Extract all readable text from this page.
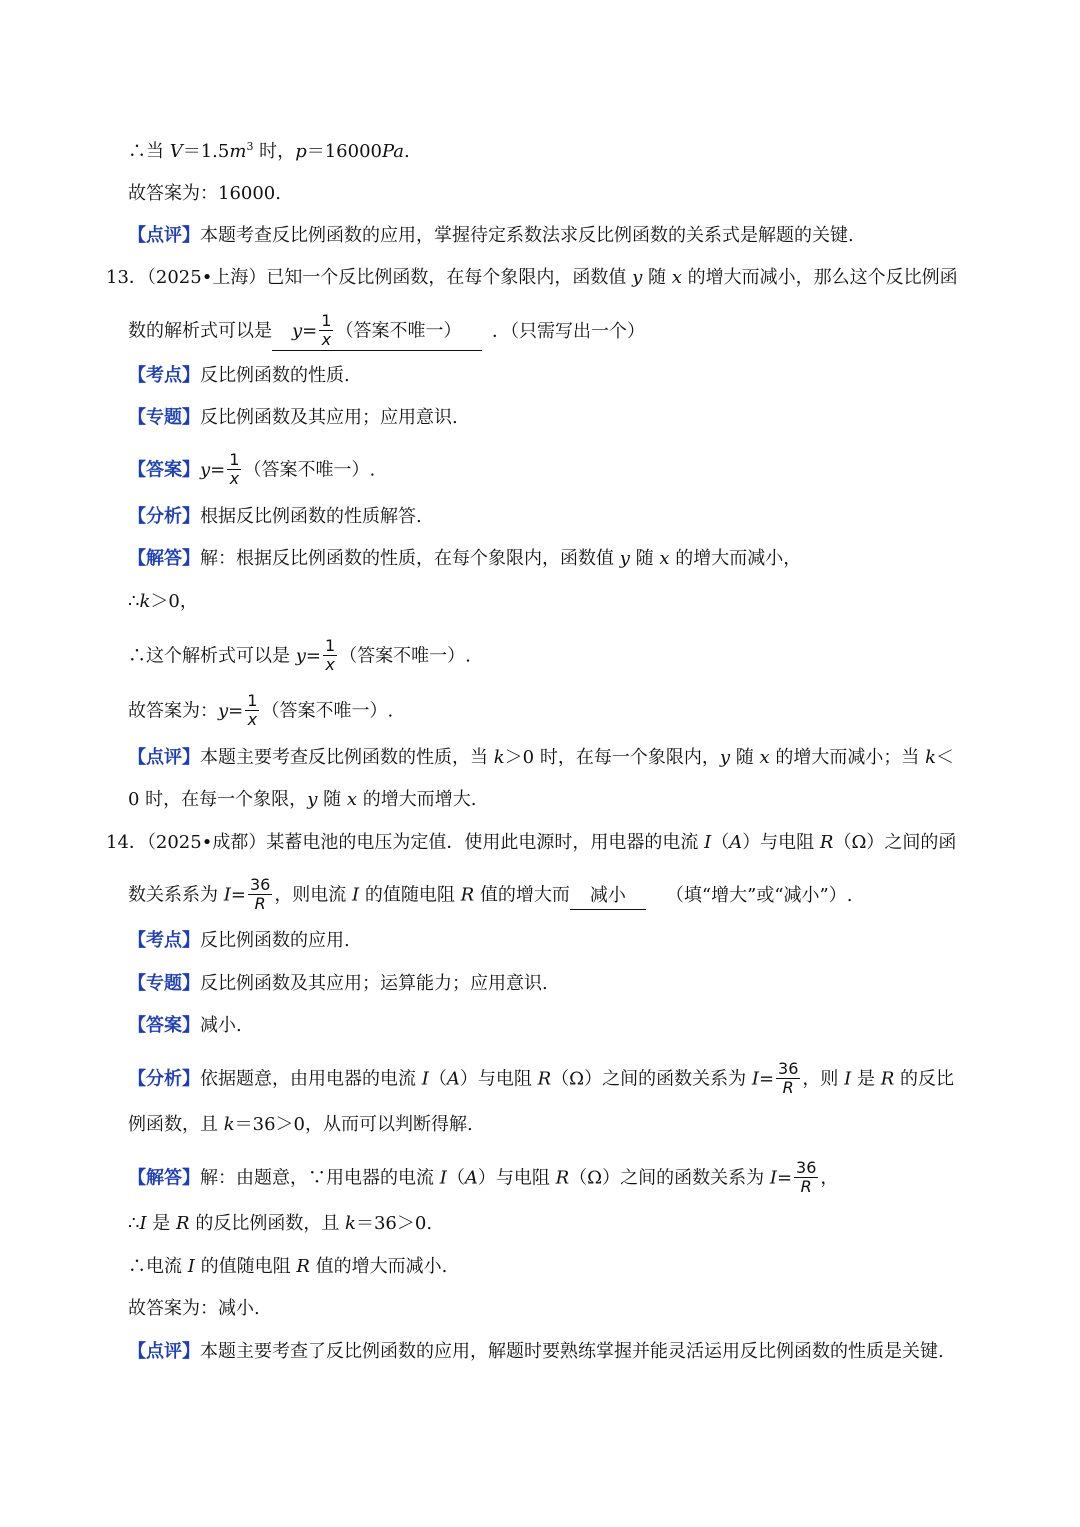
∴当 $V=1.5m^3$ 时，p＝16000Pa.
故答案为：16000.
【点评】本题考查反比例函数的应用，掌握待定系数法求反比例函数的关系式是解题的关键.
13．（2025•上海）已知一个反比例函数，在每个象限内，函数值 y 随 x 的增大而减小，那么这个反比例函
数的解析式可以是 $y= \frac{1}{x}$ （答案不唯一） ．（只需写出一个）
【考点】反比例函数的性质.
【专题】反比例函数及其应用；应用意识.
【答案】$y= \frac{1}{x}$ （答案不唯一）.
【分析】根据反比例函数的性质解答.
【解答】解：根据反比例函数的性质，在每个象限内，函数值 y 随 x 的增大而减小，
∴k＞0，
∴这个解析式可以是 $y= \frac{1}{x}$ （答案不唯一）.
故答案为：$y= \frac{1}{x}$ （答案不唯一）.
【点评】本题主要考查反比例函数的性质，当 k＞0 时，在每一个象限内，y 随 x 的增大而减小；当 k＜
0 时，在每一个象限，y 随 x 的增大而增大.
14．（2025•成都）某蓄电池的电压为定值．使用此电源时，用电器的电流 I（A）与电阻 R（Ω）之间的函
数关系系为 $I= \frac{36}{R}$ ，则电流 I 的值随电阻 R 值的增大而 减小 （填“增大”或“减小”）.
【考点】反比例函数的应用.
【专题】反比例函数及其应用；运算能力；应用意识.
【答案】减小.
【分析】依据题意，由用电器的电流 I（A）与电阻 R（Ω）之间的函数关系为 $I= \frac{36}{R}$ ，则 I 是 R 的反比
例函数，且 k＝36＞0，从而可以判断得解.
【解答】解：由题意，∵用电器的电流 I（A）与电阻 R（Ω）之间的函数关系为 $I= \frac{36}{R}$ ，
∴I 是 R 的反比例函数，且 k＝36＞0.
∴电流 I 的值随电阻 R 值的增大而减小.
故答案为：减小.
【点评】本题主要考查了反比例函数的应用，解题时要熟练掌握并能灵活运用反比例函数的性质是关键.
